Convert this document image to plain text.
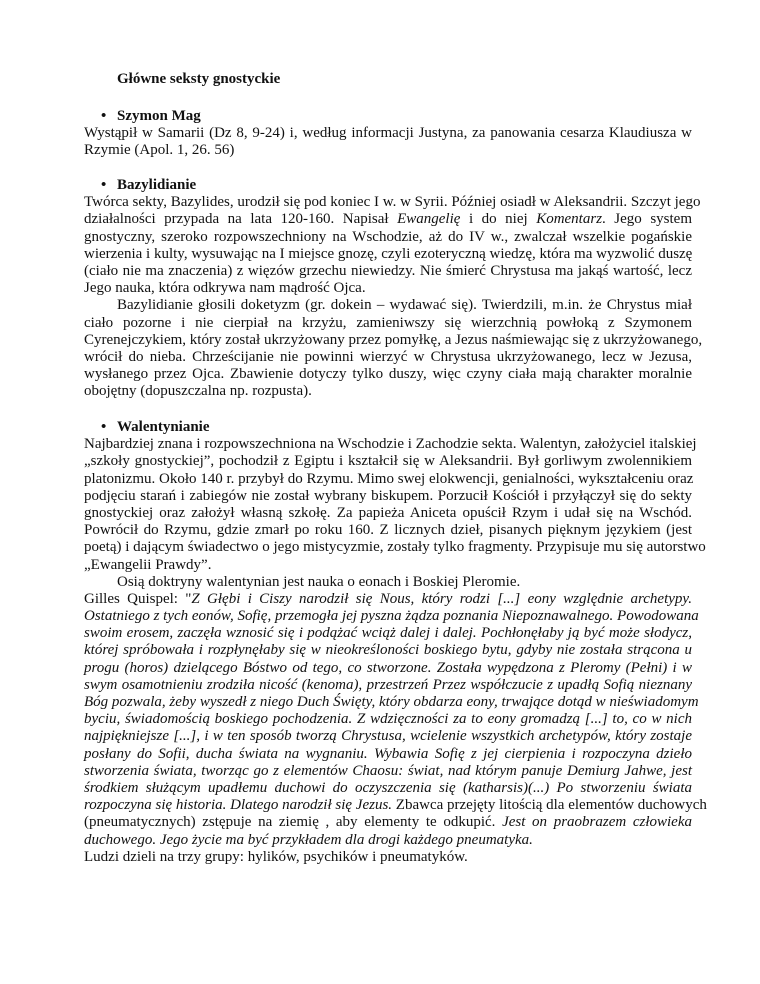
Główne seksty gnostyckie
• Szymon Mag
Wystąpił w Samarii (Dz 8, 9-24) i, według informacji Justyna, za panowania cesarza Klaudiusza w
Rzymie (Apol. 1, 26. 56)
• Bazylidianie
Twórca sekty, Bazylides, urodził się pod koniec I w. w Syrii. Później osiadł w Aleksandrii. Szczyt jego
działalności przypada na lata 120-160. Napisał Ewangelię i do niej Komentarz. Jego system
gnostyczny, szeroko rozpowszechniony na Wschodzie, aż do IV w., zwalczał wszelkie pogańskie
wierzenia i kulty, wysuwając na I miejsce gnozę, czyli ezoteryczną wiedzę, która ma wyzwolić duszę
(ciało nie ma znaczenia) z więzów grzechu niewiedzy. Nie śmierć Chrystusa ma jakąś wartość, lecz
Jego nauka, która odkrywa nam mądrość Ojca.
Bazylidianie głosili doketyzm (gr. dokein – wydawać się). Twierdzili, m.in. że Chrystus miał
ciało pozorne i nie cierpiał na krzyżu, zamieniwszy się wierzchnią powłoką z Szymonem
Cyrenejczykiem, który został ukrzyżowany przez pomyłkę, a Jezus naśmiewając się z ukrzyżowanego,
wrócił do nieba. Chrześcijanie nie powinni wierzyć w Chrystusa ukrzyżowanego, lecz w Jezusa,
wysłanego przez Ojca. Zbawienie dotyczy tylko duszy, więc czyny ciała mają charakter moralnie
obojętny (dopuszczalna np. rozpusta).
• Walentynianie
Najbardziej znana i rozpowszechniona na Wschodzie i Zachodzie sekta. Walentyn, założyciel italskiej
„szkoły gnostyckiej”, pochodził z Egiptu i kształcił się w Aleksandrii. Był gorliwym zwolennikiem
platonizmu. Około 140 r. przybył do Rzymu. Mimo swej elokwencji, genialności, wykształceniu oraz
podjęciu starań i zabiegów nie został wybrany biskupem. Porzucił Kościół i przyłączył się do sekty
gnostyckiej oraz założył własną szkołę. Za papieża Aniceta opuścił Rzym i udał się na Wschód.
Powrócił do Rzymu, gdzie zmarł po roku 160. Z licznych dzieł, pisanych pięknym językiem (jest
poetą) i dającym świadectwo o jego mistycyzmie, zostały tylko fragmenty. Przypisuje mu się autorstwo
„Ewangelii Prawdy”.
Osią doktryny walentynian jest nauka o eonach i Boskiej Pleromie.
Gilles Quispel: "Z Głębi i Ciszy narodził się Nous, który rodzi [...] eony względnie archetypy.
Ostatniego z tych eonów, Sofię, przemogła jej pyszna żądza poznania Niepoznawalnego. Powodowana
swoim erosem, zaczęła wznosić się i podążać wciąż dalej i dalej. Pochłonęłaby ją być może słodycz,
której spróbowała i rozpłynęłaby się w nieokreśloności boskiego bytu, gdyby nie została strącona u
progu (horos) dzielącego Bóstwo od tego, co stworzone. Została wypędzona z Pleromy (Pełni) i w
swym osamotnieniu zrodziła nicość (kenoma), przestrzeń Przez współczucie z upadłą Sofią nieznany
Bóg pozwala, żeby wyszedł z niego Duch Święty, który obdarza eony, trwające dotąd w nieświadomym
byciu, świadomością boskiego pochodzenia. Z wdzięczności za to eony gromadzą [...] to, co w nich
najpiękniejsze [...], i w ten sposób tworzą Chrystusa, wcielenie wszystkich archetypów, który zostaje
posłany do Sofii, ducha świata na wygnaniu. Wybawia Sofię z jej cierpienia i rozpoczyna dzieło
stworzenia świata, tworząc go z elementów Chaosu: świat, nad którym panuje Demiurg Jahwe, jest
środkiem służącym upadłemu duchowi do oczyszczenia się (katharsis)(...) Po stworzeniu świata
rozpoczyna się historia. Dlatego narodził się Jezus. Zbawca przejęty litością dla elementów duchowych
(pneumatycznych) zstępuje na ziemię , aby elementy te odkupić. Jest on praobrazem człowieka
duchowego. Jego życie ma być przykładem dla drogi każdego pneumatyka.
Ludzi dzieli na trzy grupy: hylików, psychików i pneumatyków.
